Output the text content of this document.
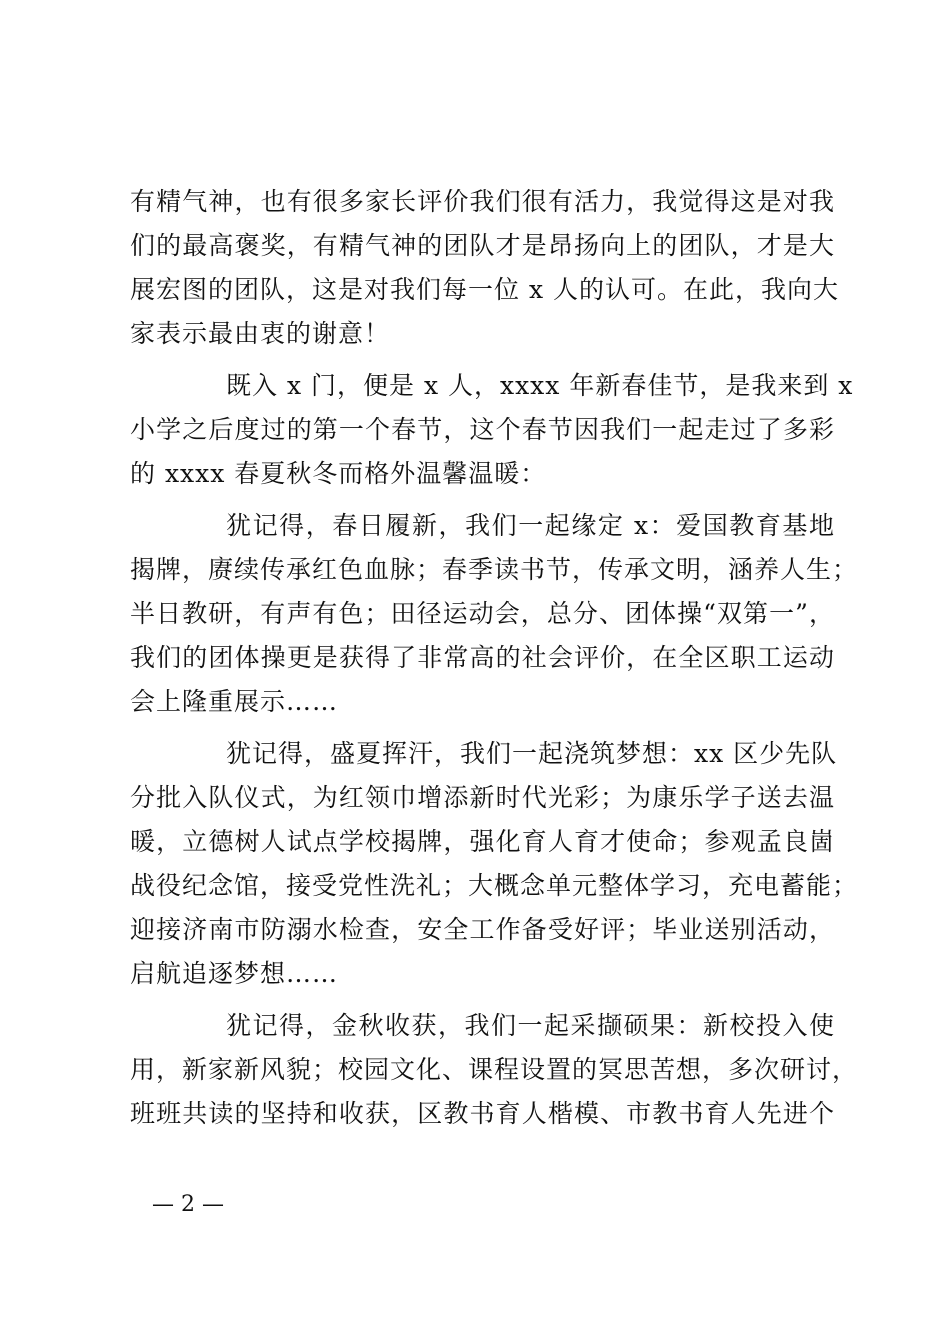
有精气神，也有很多家长评价我们很有活力，我觉得这是对我
们的最高褒奖，有精气神的团队才是昂扬向上的团队，才是大
展宏图的团队，这是对我们每一位 x 人的认可。在此，我向大
家表示最由衷的谢意！
既入 x 门，便是 x 人，xxxx 年新春佳节，是我来到 x
小学之后度过的第一个春节，这个春节因我们一起走过了多彩
的 xxxx 春夏秋冬而格外温馨温暖：
犹记得，春日履新，我们一起缘定 x：爱国教育基地
揭牌，赓续传承红色血脉；春季读书节，传承文明，涵养人生；
半日教研，有声有色；田径运动会，总分、团体操“双第一”，
我们的团体操更是获得了非常高的社会评价，在全区职工运动
会上隆重展示……
犹记得，盛夏挥汗，我们一起浇筑梦想：xx 区少先队
分批入队仪式，为红领巾增添新时代光彩；为康乐学子送去温
暖，立德树人试点学校揭牌，强化育人育才使命；参观孟良崮
战役纪念馆，接受党性洗礼；大概念单元整体学习，充电蓄能；
迎接济南市防溺水检查，安全工作备受好评；毕业送别活动，
启航追逐梦想……
犹记得，金秋收获，我们一起采撷硕果：新校投入使
用，新家新风貌；校园文化、课程设置的冥思苦想，多次研讨，
班班共读的坚持和收获，区教书育人楷模、市教书育人先进个
— 2 —
